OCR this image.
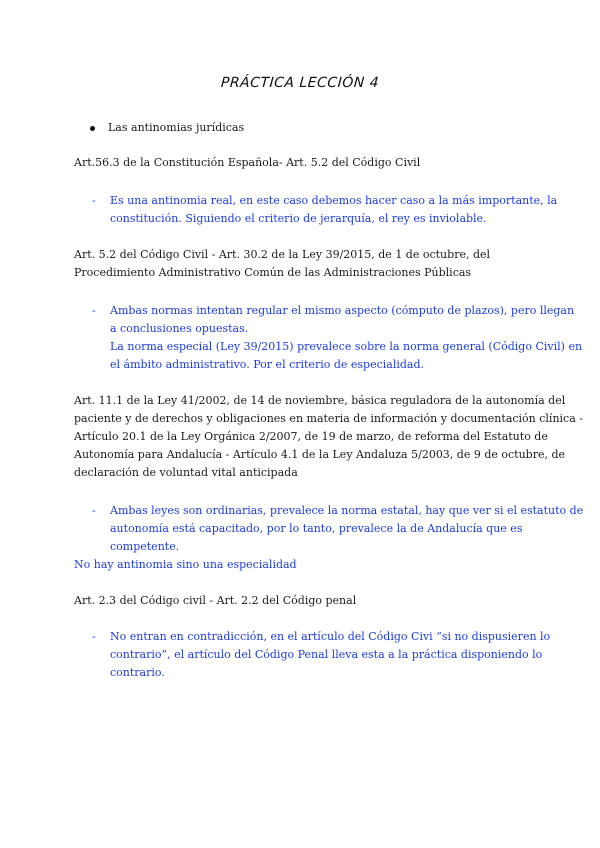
PRÁCTICA LECCIÓN 4
Las antinomias jurídicas
Art.56.3 de la Constitución Española- Art. 5.2 del Código Civil
- Es una antinomia real, en este caso debemos hacer caso a la más importante, la
constitución. Siguiendo el criterio de jerarquía, el rey es inviolable.
Art. 5.2 del Código Civil - Art. 30.2 de la Ley 39/2015, de 1 de octubre, del
Procedimiento Administrativo Común de las Administraciones Públicas
- Ambas normas intentan regular el mismo aspecto (cómputo de plazos), pero llegan
a conclusiones opuestas.
La norma especial (Ley 39/2015) prevalece sobre la norma general (Código Civil) en
el ámbito administrativo. Por el criterio de especialidad.
Art. 11.1 de la Ley 41/2002, de 14 de noviembre, básica reguladora de la autonomía del
paciente y de derechos y obligaciones en materia de información y documentación clínica -
Artículo 20.1 de la Ley Orgánica 2/2007, de 19 de marzo, de reforma del Estatuto de
Autonomía para Andalucía - Artículo 4.1 de la Ley Andaluza 5/2003, de 9 de octubre, de
declaración de voluntad vital anticipada
- Ambas leyes son ordinarias, prevalece la norma estatal, hay que ver si el estatuto de
autonomía está capacitado, por lo tanto, prevalece la de Andalucía que es
competente.
No hay antinomia sino una especialidad
Art. 2.3 del Código civil - Art. 2.2 del Código penal
- No entran en contradicción, en el artículo del Código Civi “si no dispusieren lo
contrario”, el artículo del Código Penal lleva esta a la práctica disponiendo lo
contrario.
